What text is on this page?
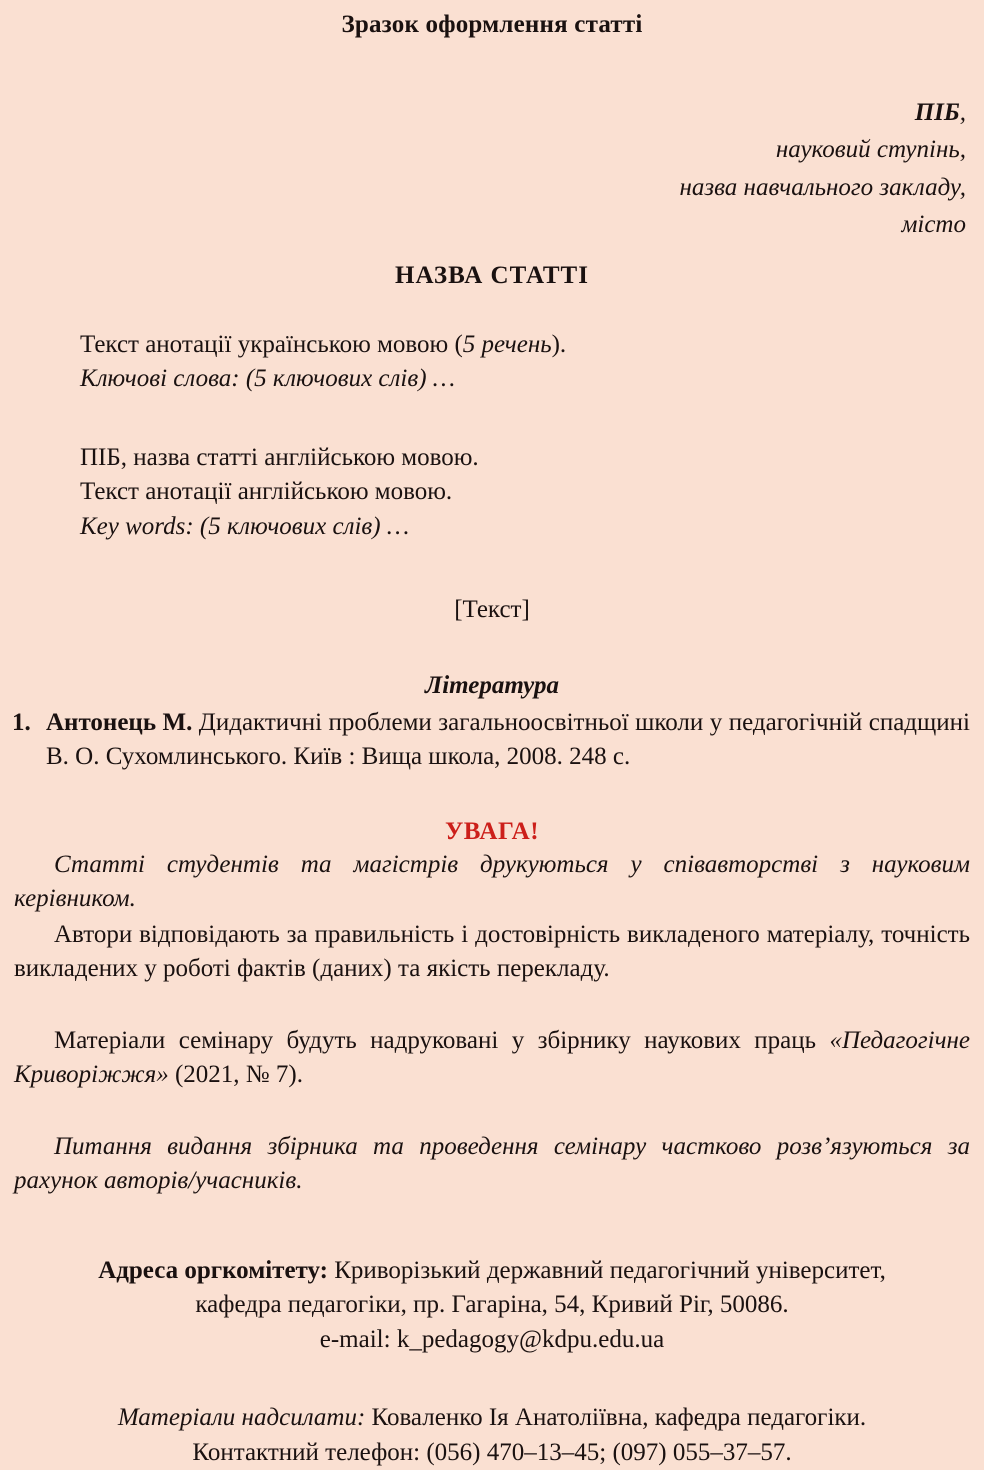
Зразок оформлення статті
ПІБ,
науковий ступінь,
назва навчального закладу,
місто
НАЗВА СТАТТІ

Текст анотації українською мовою (5 речень).

Ключові слова: (5 ключових слів) …

ПІБ, назва статті англійською мовою.

Текст анотації англійською мовою.

Key words: (5 ключових слів) …

[Текст]
Література
1. Антонець М. Дидактичні проблеми загальноосвітньої школи у педагогічній спадщині В. О. Сухомлинського. Київ : Вища школа, 2008. 248 с.
УВАГА!

Статті студентів та магістрів друкуються у співавторстві з науковим керівником.

Автори відповідають за правильність і достовірність викладеного матеріалу, точність викладених у роботі фактів (даних) та якість перекладу.

Матеріали семінару будуть надруковані у збірнику наукових праць «Педагогічне Криворіжжя» (2021, № 7).

Питання видання збірника та проведення семінару частково розв’язуються за рахунок авторів/учасників.

Адреса оргкомітету: Криворізький державний педагогічний університет,
кафедра педагогіки, пр. Гагаріна, 54, Кривий Ріг, 50086.
e-mail: k_pedagogy@kdpu.edu.ua
Матеріали надсилати: Коваленко Ія Анатоліївна, кафедра педагогіки.
Контактний телефон: (056) 470–13–45; (097) 055–37–57.
